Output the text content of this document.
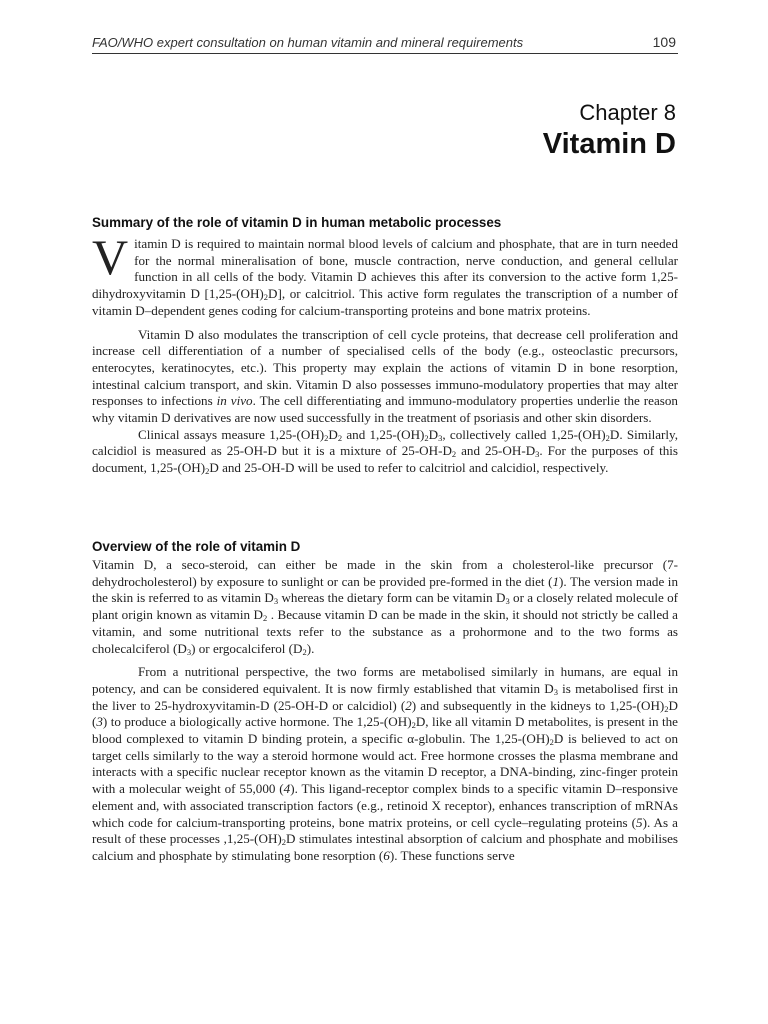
FAO/WHO expert consultation on human vitamin and mineral requirements	109
Chapter 8
Vitamin D
Summary of the role of vitamin D in human metabolic processes

Vitamin D is required to maintain normal blood levels of calcium and phosphate, that are in turn needed for the normal mineralisation of bone, muscle contraction, nerve conduction, and general cellular function in all cells of the body. Vitamin D achieves this after its conversion to the active form 1,25-dihydroxyvitamin D $[1,25-(OH)_2D]$, or calcitriol. This active form regulates the transcription of a number of vitamin D–dependent genes coding for calcium-transporting proteins and bone matrix proteins.

Vitamin D also modulates the transcription of cell cycle proteins, that decrease cell proliferation and increase cell differentiation of a number of specialised cells of the body (e.g., osteoclastic precursors, enterocytes, keratinocytes, etc.). This property may explain the actions of vitamin D in bone resorption, intestinal calcium transport, and skin. Vitamin D also possesses immuno-modulatory properties that may alter responses to infections in vivo. The cell differentiating and immuno-modulatory properties underlie the reason why vitamin D derivatives are now used successfully in the treatment of psoriasis and other skin disorders.

Clinical assays measure $1,25-(OH)_2D_2$ and $1,25-(OH)_2D_3$, collectively called $1,25-(OH)_2D$. Similarly, calcidiol is measured as 25-OH-D but it is a mixture of $25-OH-D_2$ and $25-OH-D_3$. For the purposes of this document, $1,25-(OH)_2D$ and 25-OH-D will be used to refer to calcitriol and calcidiol, respectively.

Overview of the role of vitamin D

Vitamin D, a seco-steroid, can either be made in the skin from a cholesterol-like precursor (7-dehydrocholesterol) by exposure to sunlight or can be provided pre-formed in the diet (1). The version made in the skin is referred to as vitamin $D_3$ whereas the dietary form can be vitamin $D_3$ or a closely related molecule of plant origin known as vitamin $D_2$ . Because vitamin D can be made in the skin, it should not strictly be called a vitamin, and some nutritional texts refer to the substance as a prohormone and to the two forms as cholecalciferol $(D_3)$ or ergocalciferol $(D_2)$.

From a nutritional perspective, the two forms are metabolised similarly in humans, are equal in potency, and can be considered equivalent. It is now firmly established that vitamin $D_3$ is metabolised first in the liver to 25-hydroxyvitamin-D (25-OH-D or calcidiol) (2) and subsequently in the kidneys to $1,25-(OH)_2D$ (3) to produce a biologically active hormone. The $1,25-(OH)_2D$, like all vitamin D metabolites, is present in the blood complexed to vitamin D binding protein, a specific α-globulin. The $1,25-(OH)_2D$ is believed to act on target cells similarly to the way a steroid hormone would act. Free hormone crosses the plasma membrane and interacts with a specific nuclear receptor known as the vitamin D receptor, a DNA-binding, zinc-finger protein with a molecular weight of 55,000 (4). This ligand-receptor complex binds to a specific vitamin D–responsive element and, with associated transcription factors (e.g., retinoid X receptor), enhances transcription of mRNAs which code for calcium-transporting proteins, bone matrix proteins, or cell cycle–regulating proteins (5). As a result of these processes $,1,25-(OH)_2D$ stimulates intestinal absorption of calcium and phosphate and mobilises calcium and phosphate by stimulating bone resorption (6). These functions serve
